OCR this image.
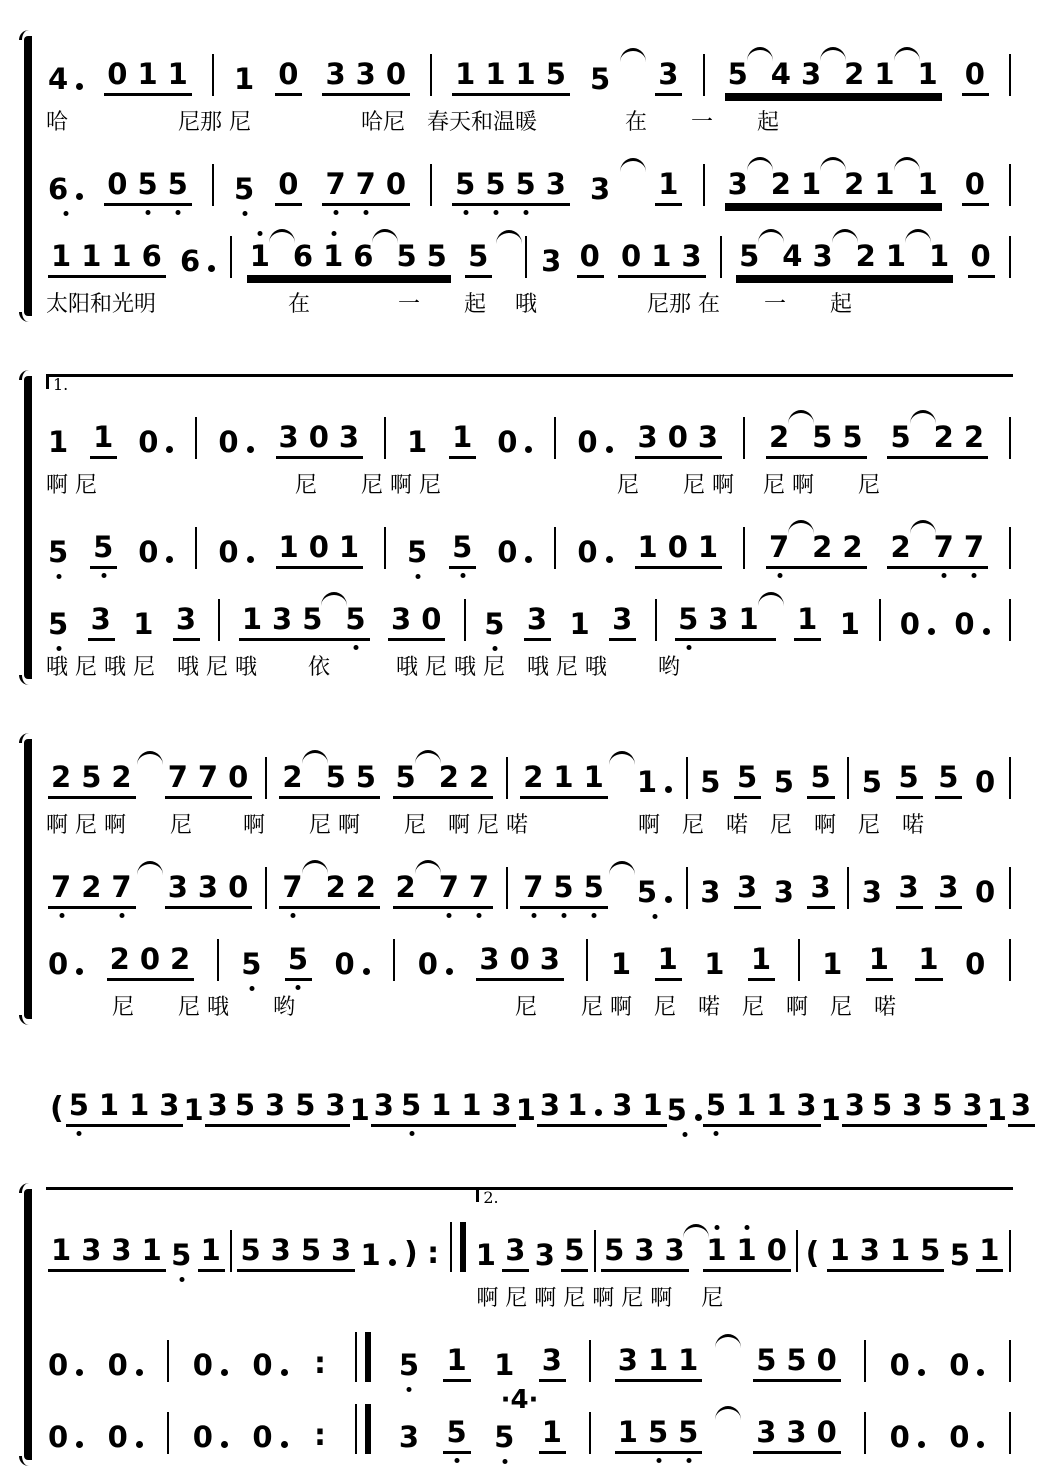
4 0 1 1 1 0 3 3 0 1 1 1 5 5 3 5 4 3 2 1 1 0
哈　　　　　尼那 尼　　　　　哈尼　春天和温暖　　　　在　　一　　起
6 0 5 5 5 0 7 7 0 5 5 5 3 3 1 3 2 1 2 1 1 0
1 1 1 6 6 1 6 1 6 5 5 5 3 0 0 1 3 5 4 3 2 1 1 0
太阳和光明　　　　　　在　　　　一　　起　 哦　　　　　尼那 在　　一　　起
1.
1 1 0 0 3 0 3 1 1 0 0 3 0 3 2 5 5 5 2 2
啊 尼　　　　　　　　　尼　　尼 啊 尼　　　　　　　　尼　　尼 啊　 尼 啊　　尼
5 5 0 0 1 0 1 5 5 0 0 1 0 1 7 2 2 2 7 7
5 3 1 3 1 3 5 5 3 0 5 3 1 3 5 3 1 1 1 0 0
哦 尼 哦 尼　哦 尼 哦　　 依　　　哦 尼 哦 尼　哦 尼 哦　　 哟
2 5 2 7 7 0 2 5 5 5 2 2 2 1 1 1 5 5 5 5 5 5 5 0
啊 尼 啊　　尼　　 啊　　尼 啊　　尼　啊 尼 喏　　　　　啊　尼　喏　尼　啊　尼　喏
7 2 7 3 3 0 7 2 2 2 7 7 7 5 5 5 3 3 3 3 3 3 3 0
0 2 0 2 5 5 0 0 3 0 3 1 1 1 1 1 1 1 0
　　　尼　　尼 哦　　哟　　　　　　　　　　尼　　尼 啊　尼　喏　尼　啊　尼　喏
( 5 1 1 3 1 3 5 3 5 3 1 3 5 1 1 3 1 3 1 3 1 5 5 1 1 3 1 3 5 3 5 3 1 3
2.
1 3 3 1 5 1 5 3 5 3 1 ) : 1 3 3 5 5 3 3 1 1 0 ( 1 3 1 5 5 1
啊 尼 啊 尼 啊 尼 啊　 尼
0 0 0 0 :	5 1 1 3 3 1 1 5 5 0 0 0
0 0 0 0 :	3 5 5 1 1 5 5 3 3 0 0 0
·4·
